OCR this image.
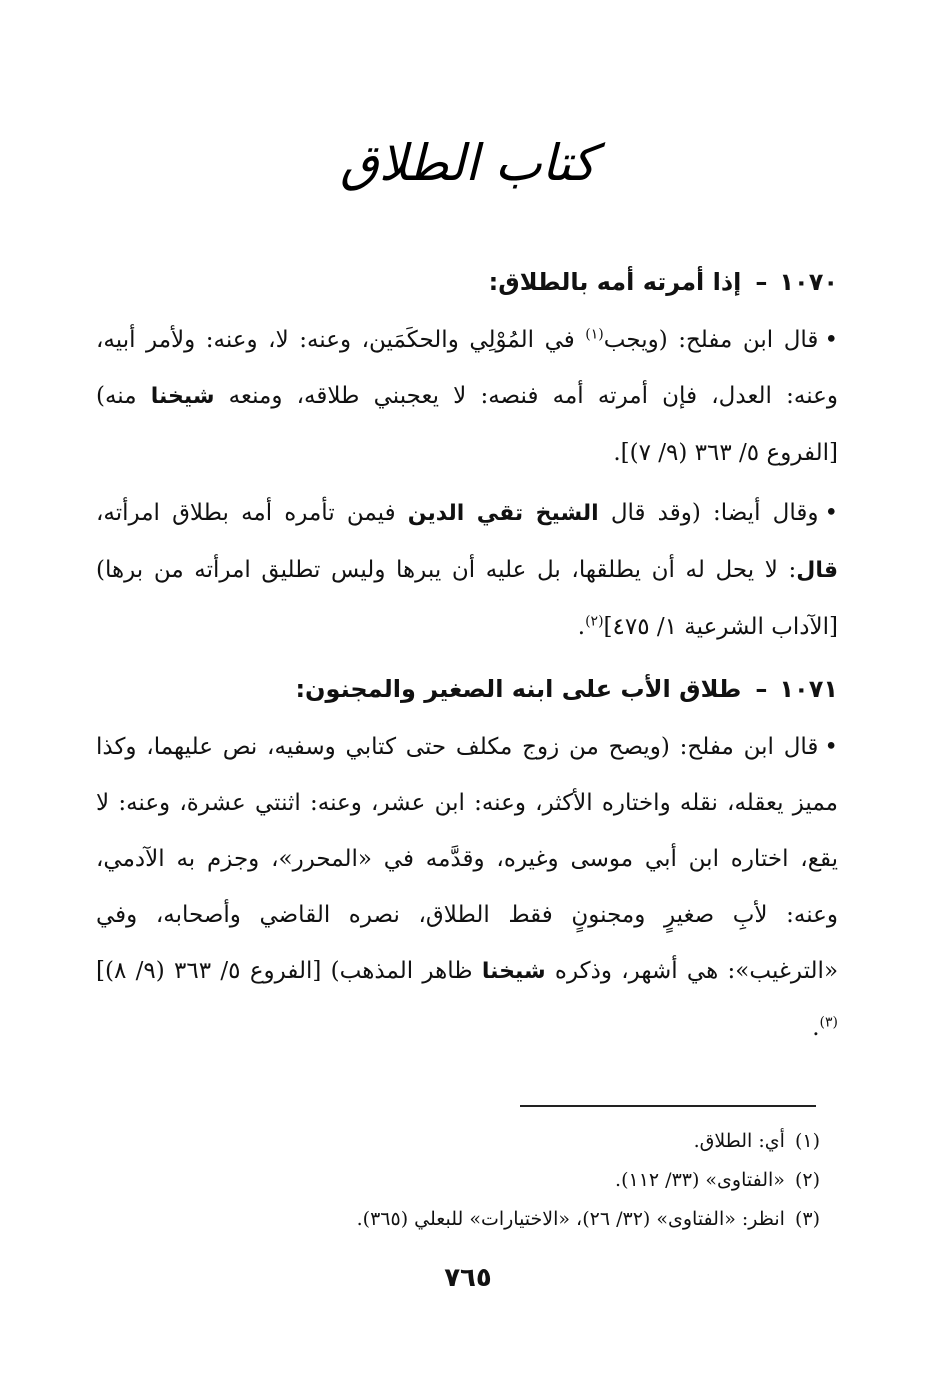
كتاب الطلاق
١٠٧٠–إذا أمرته أمه بالطلاق:

•قال ابن مفلح: (ويجب$^{(١)}$ في المُوْلِي والحكَمَين، وعنه: لا، وعنه: ولأمر أبيه، وعنه: العدل، فإن أمرته أمه فنصه: لا يعجبني طلاقه، ومنعه شيخنا منه) [الفروع ٥/ ٣٦٣ (٩/ ٧)].

•وقال أيضا: (وقد قال الشيخ تقي الدين فيمن تأمره أمه بطلاق امرأته، قال: لا يحل له أن يطلقها، بل عليه أن يبرها وليس تطليق امرأته من برها) [الآداب الشرعية ١/ ٤٧٥]$^{(٢)}$.

١٠٧١–طلاق الأب على ابنه الصغير والمجنون:

•قال ابن مفلح: (ويصح من زوج مكلف حتى كتابي وسفيه، نص عليهما، وكذا مميز يعقله، نقله واختاره الأكثر، وعنه: ابن عشر، وعنه: اثنتي عشرة، وعنه: لا يقع، اختاره ابن أبي موسى وغيره، وقدَّمه في «المحرر»، وجزم به الآدمي، وعنه: لأبِ صغيرٍ ومجنونٍ فقط الطلاق، نصره القاضي وأصحابه، وفي «الترغيب»: هي أشهر، وذكره شيخنا ظاهر المذهب) [الفروع ٥/ ٣٦٣ (٩/ ٨)]$^{(٣)}$.

(١)أي: الطلاق.
(٢)«الفتاوى» (٣٣/ ١١٢).
(٣)انظر: «الفتاوى» (٣٢/ ٢٦)، «الاختيارات» للبعلي (٣٦٥).
٧٦٥
